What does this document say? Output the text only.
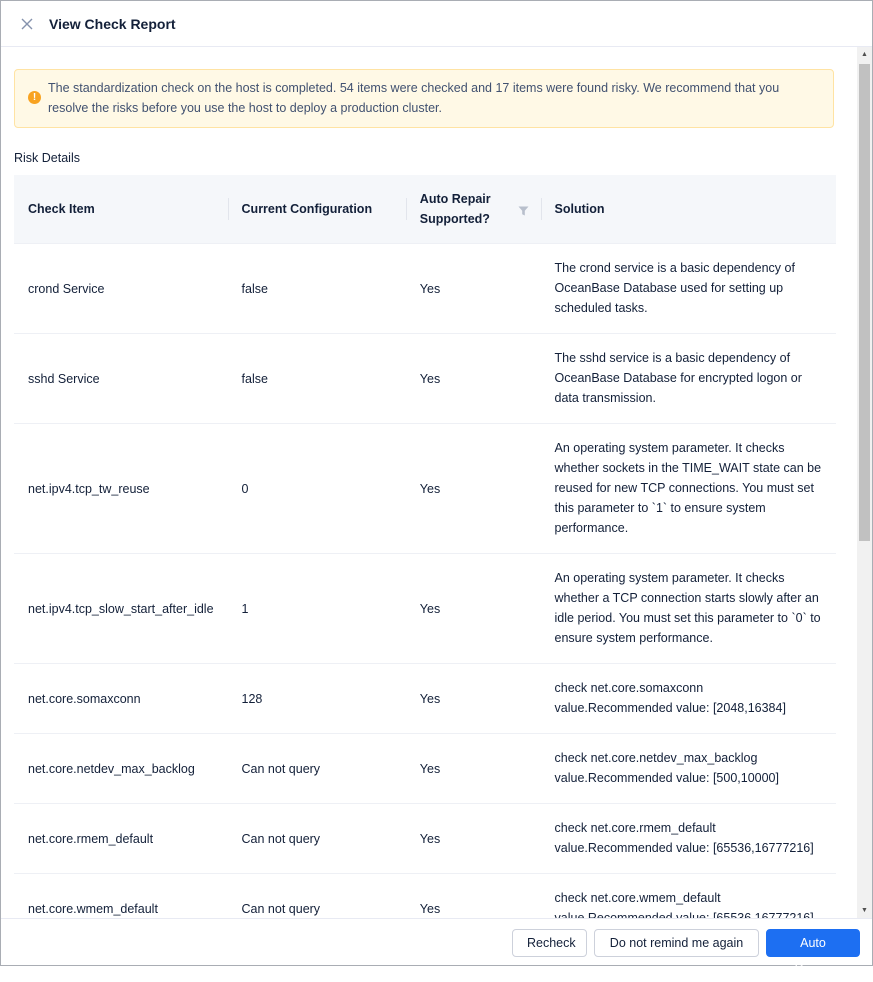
View Check Report
!
The standardization check on the host is completed. 54 items were checked and 17 items were found risky. We recommend that you resolve the risks before you use the host to deploy a production cluster.
Risk Details
Check Item	Current Configuration	Auto Repair Supported?	Solution
crond Service	false	Yes	The crond service is a basic dependency of OceanBase Database used for setting up scheduled tasks.
sshd Service	false	Yes	The sshd service is a basic dependency of OceanBase Database for encrypted logon or data transmission.
net.ipv4.tcp_tw_reuse	0	Yes	An operating system parameter. It checks whether sockets in the TIME_WAIT state can be reused for new TCP connections. You must set this parameter to `1` to ensure system performance.
net.ipv4.tcp_slow_start_after_idle	1	Yes	An operating system parameter. It checks whether a TCP connection starts slowly after an idle period. You must set this parameter to `0` to ensure system performance.
net.core.somaxconn	128	Yes	check net.core.somaxconn value.Recommended value: [2048,16384]
net.core.netdev_max_backlog	Can not query	Yes	check net.core.netdev_max_backlog value.Recommended value: [500,10000]
net.core.rmem_default	Can not query	Yes	check net.core.rmem_default value.Recommended value: [65536,16777216]
net.core.wmem_default	Can not query	Yes	check net.core.wmem_default
▲
▼
Recheck	Do not remind me again	Auto Repair
